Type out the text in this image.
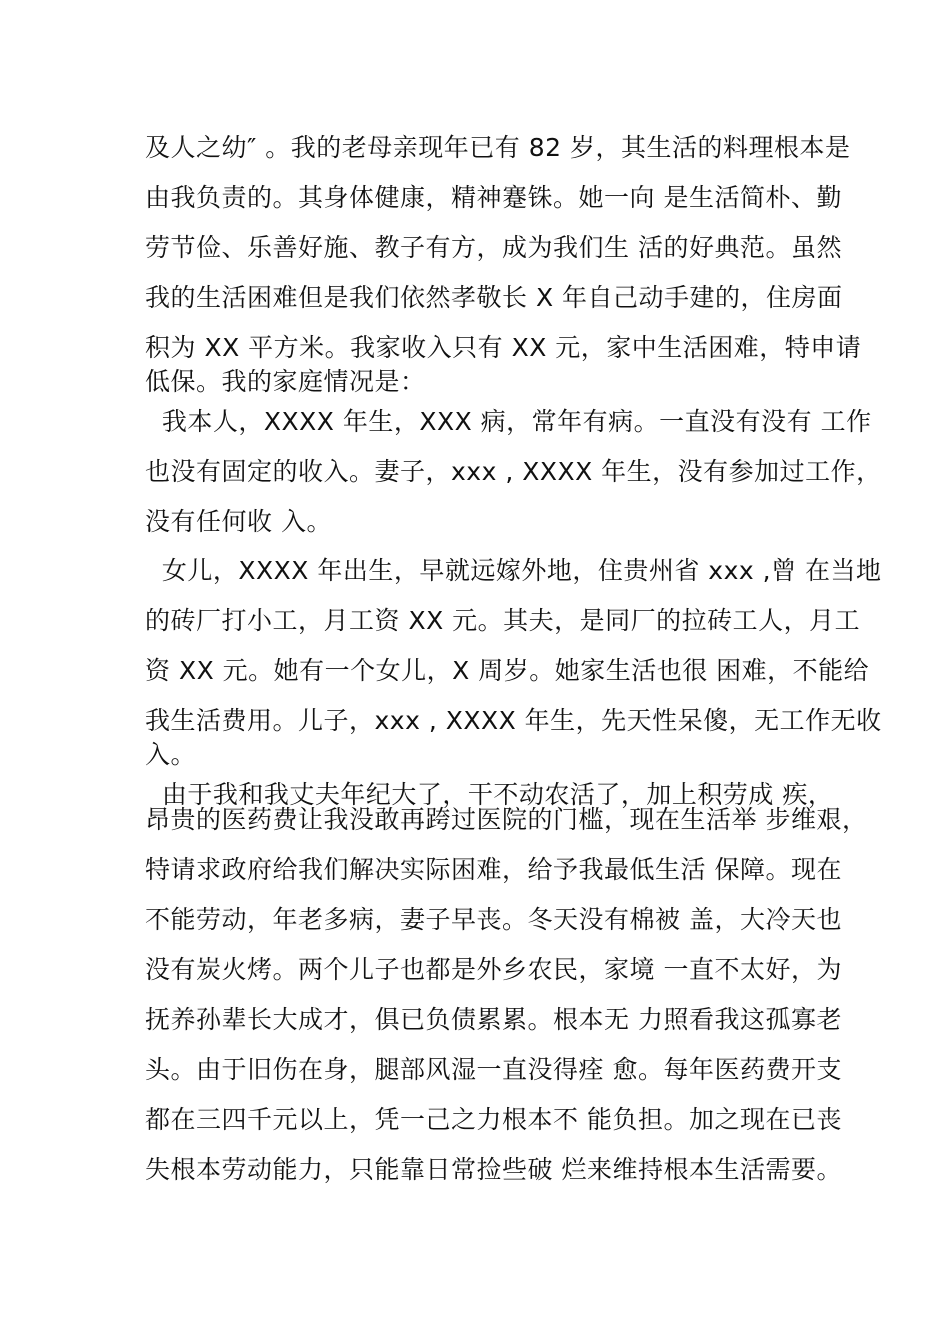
及人之幼″ 。我的老母亲现年已有 82 岁，其生活的料理根本是
由我负责的。其身体健康，精神蹇铢。她一向 是生活简朴、勤
劳节俭、乐善好施、教子有方，成为我们生 活的好典范。虽然
我的生活困难但是我们依然孝敬长 X 年自己动手建的，住房面
积为 XX 平方米。我家收入只有 XX 元，家中生活困难，特申请
低保。我的家庭情况是：
我本人，XXXX 年生，XXX 病，常年有病。一直没有没有 工作
也没有固定的收入。妻子，xxx , XXXX 年生，没有参加过工作，
没有任何收 入。
女儿，XXXX 年出生，早就远嫁外地，住贵州省 xxx ,曾 在当地
的砖厂打小工，月工资 XX 元。其夫，是同厂的拉砖工人，月工
资 XX 元。她有一个女儿，X 周岁。她家生活也很 困难，不能给
我生活费用。儿子，xxx , XXXX 年生，先天性呆傻，无工作无收
入。
由于我和我丈夫年纪大了，干不动农活了，加上积劳成 疾，
昂贵的医药费让我没敢再跨过医院的门槛，现在生活举 步维艰，
特请求政府给我们解决实际困难，给予我最低生活 保障。现在
不能劳动，年老多病，妻子早丧。冬天没有棉被 盖，大冷天也
没有炭火烤。两个儿子也都是外乡农民，家境 一直不太好，为
抚养孙辈长大成才，俱已负债累累。根本无 力照看我这孤寡老
头。由于旧伤在身，腿部风湿一直没得痊 愈。每年医药费开支
都在三四千元以上，凭一己之力根本不 能负担。加之现在已丧
失根本劳动能力，只能靠日常捡些破 烂来维持根本生活需要。
